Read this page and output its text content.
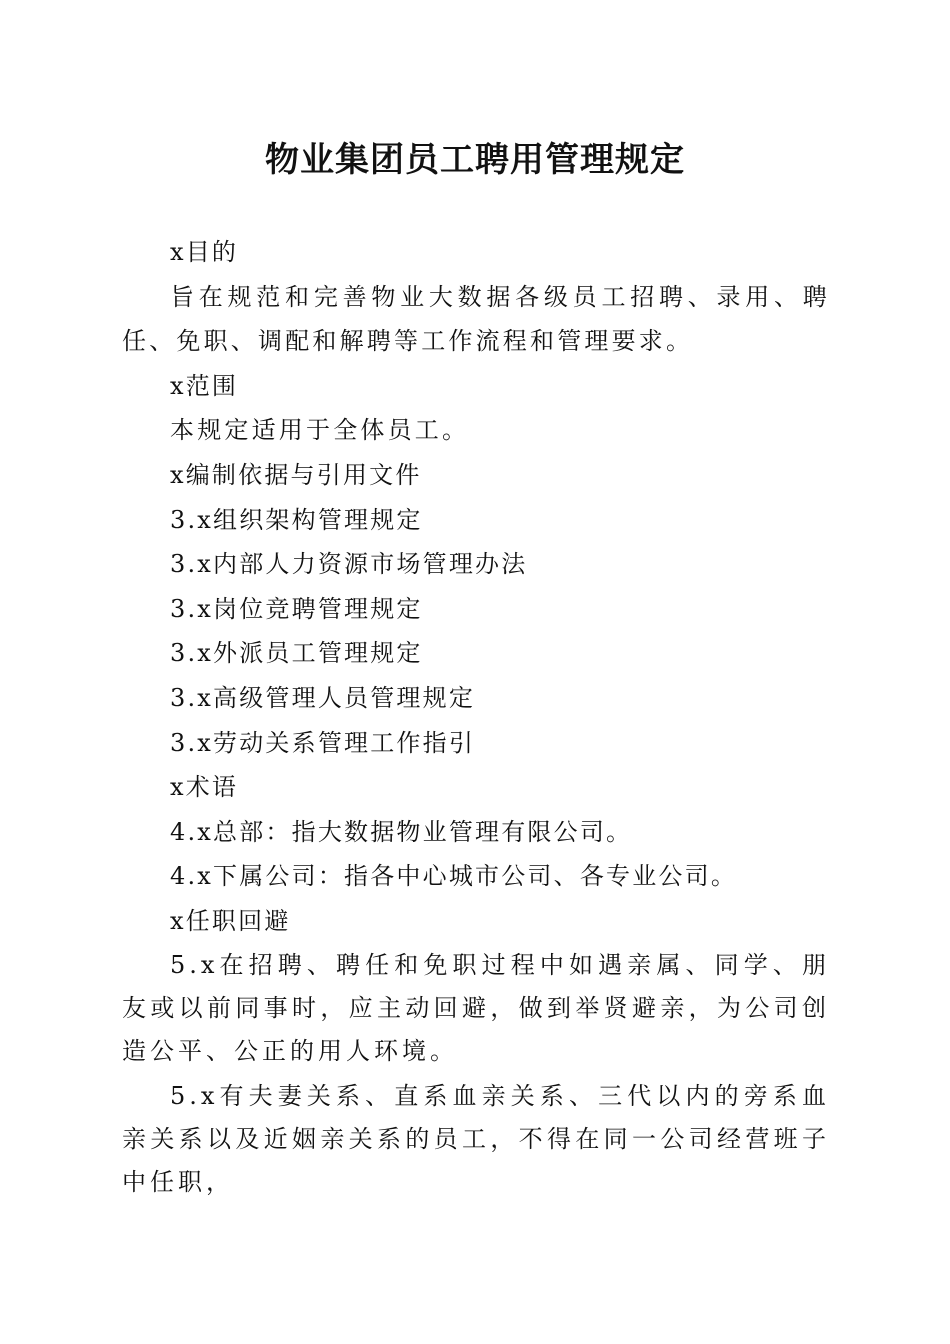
物业集团员工聘用管理规定

x目的

旨在规范和完善物业大数据各级员工招聘、录用、聘任、免职、调配和解聘等工作流程和管理要求。

x范围

本规定适用于全体员工。

x编制依据与引用文件

3.x组织架构管理规定

3.x内部人力资源市场管理办法

3.x岗位竞聘管理规定

3.x外派员工管理规定

3.x高级管理人员管理规定

3.x劳动关系管理工作指引

x术语

4.x总部：指大数据物业管理有限公司。

4.x下属公司：指各中心城市公司、各专业公司。

x任职回避

5.x在招聘、聘任和免职过程中如遇亲属、同学、朋友或以前同事时，应主动回避，做到举贤避亲，为公司创造公平、公正的用人环境。

5.x有夫妻关系、直系血亲关系、三代以内的旁系血亲关系以及近姻亲关系的员工，不得在同一公司经营班子中任职，
